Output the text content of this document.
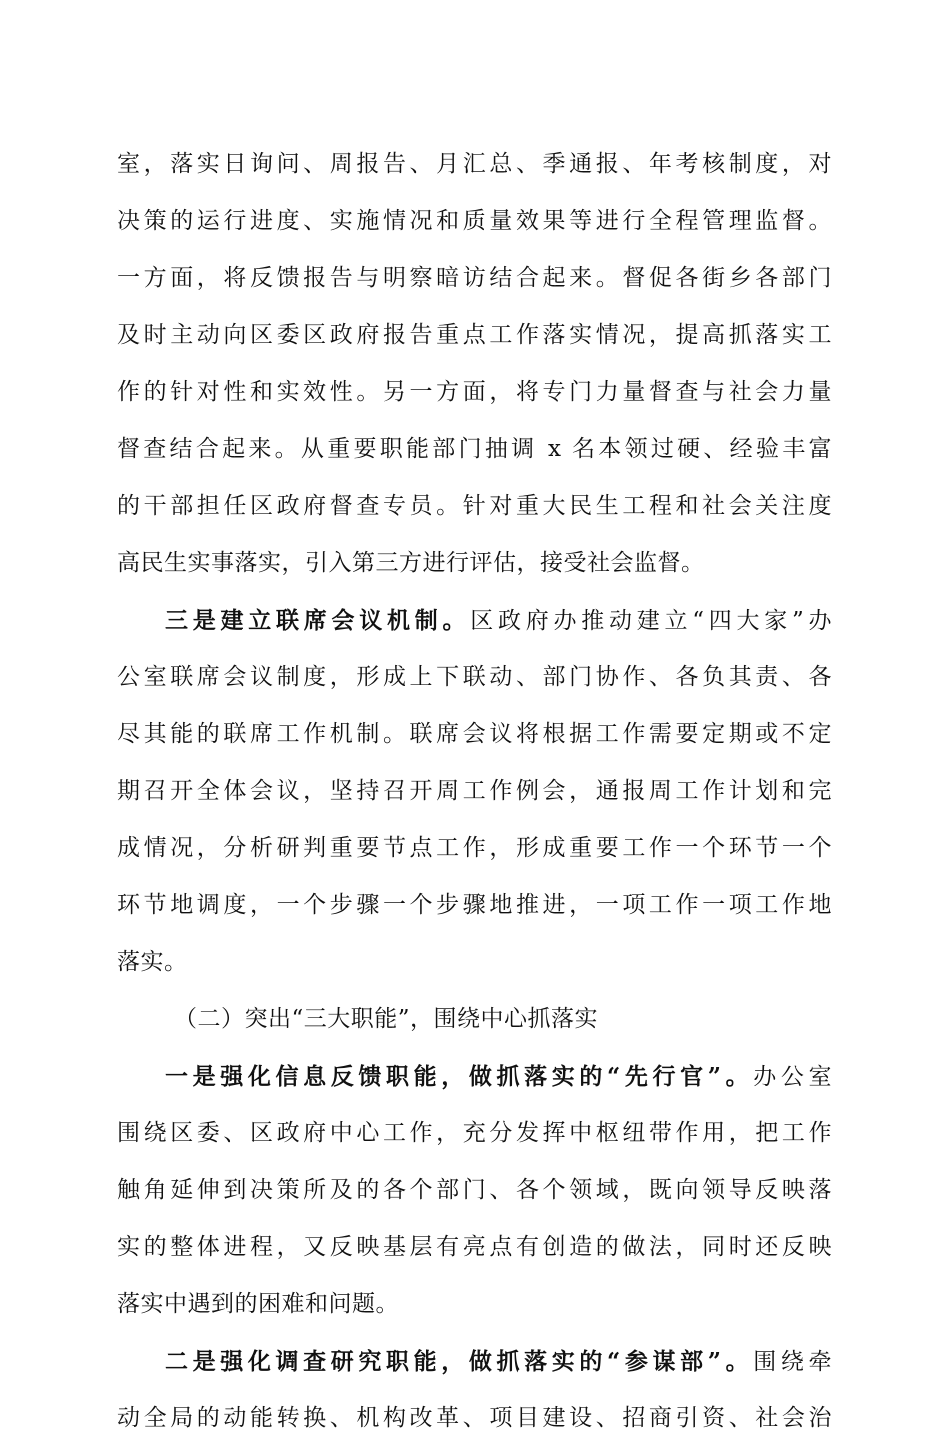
室，落实日询问、周报告、月汇总、季通报、年考核制度，对
决策的运行进度、实施情况和质量效果等进行全程管理监督。
一方面，将反馈报告与明察暗访结合起来。督促各街乡各部门
及时主动向区委区政府报告重点工作落实情况，提高抓落实工
作的针对性和实效性。另一方面，将专门力量督查与社会力量
督查结合起来。从重要职能部门抽调 x 名本领过硬、经验丰富
的干部担任区政府督查专员。针对重大民生工程和社会关注度
高民生实事落实，引入第三方进行评估，接受社会监督。
三是建立联席会议机制。区政府办推动建立“四大家”办
公室联席会议制度，形成上下联动、部门协作、各负其责、各
尽其能的联席工作机制。联席会议将根据工作需要定期或不定
期召开全体会议，坚持召开周工作例会，通报周工作计划和完
成情况，分析研判重要节点工作，形成重要工作一个环节一个
环节地调度，一个步骤一个步骤地推进，一项工作一项工作地
落实。
（二）突出“三大职能”，围绕中心抓落实
一是强化信息反馈职能，做抓落实的“先行官”。办公室
围绕区委、区政府中心工作，充分发挥中枢纽带作用，把工作
触角延伸到决策所及的各个部门、各个领域，既向领导反映落
实的整体进程，又反映基层有亮点有创造的做法，同时还反映
落实中遇到的困难和问题。
二是强化调查研究职能，做抓落实的“参谋部”。围绕牵
动全局的动能转换、机构改革、项目建设、招商引资、社会治
